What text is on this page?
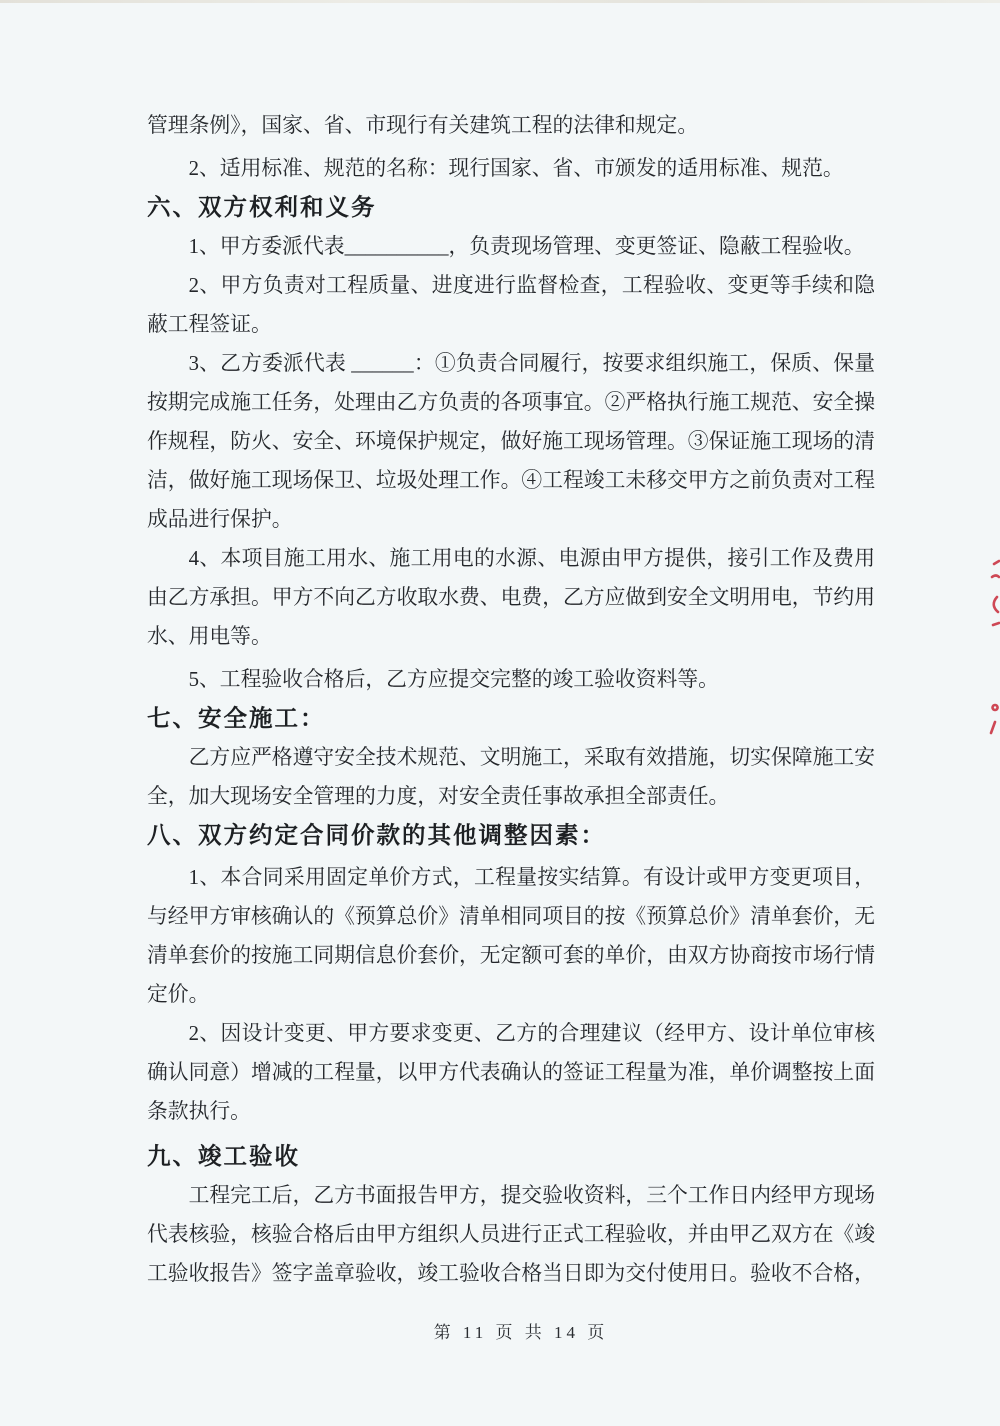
管理条例》，国家、省、市现行有关建筑工程的法律和规定。

2、适用标准、规范的名称：现行国家、省、市颁发的适用标准、规范。

六、双方权利和义务

1、甲方委派代表__________，负责现场管理、变更签证、隐蔽工程验收。

2、甲方负责对工程质量、进度进行监督检查，工程验收、变更等手续和隐蔽工程签证。

3、乙方委派代表 ______：①负责合同履行，按要求组织施工，保质、保量按期完成施工任务，处理由乙方负责的各项事宜。②严格执行施工规范、安全操作规程，防火、安全、环境保护规定，做好施工现场管理。③保证施工现场的清洁，做好施工现场保卫、垃圾处理工作。④工程竣工未移交甲方之前负责对工程成品进行保护。

4、本项目施工用水、施工用电的水源、电源由甲方提供，接引工作及费用由乙方承担。甲方不向乙方收取水费、电费，乙方应做到安全文明用电，节约用水、用电等。

5、工程验收合格后，乙方应提交完整的竣工验收资料等。

七、安全施工：

乙方应严格遵守安全技术规范、文明施工，采取有效措施，切实保障施工安全，加大现场安全管理的力度，对安全责任事故承担全部责任。

八、双方约定合同价款的其他调整因素：

1、本合同采用固定单价方式，工程量按实结算。有设计或甲方变更项目，与经甲方审核确认的《预算总价》清单相同项目的按《预算总价》清单套价，无清单套价的按施工同期信息价套价，无定额可套的单价，由双方协商按市场行情定价。

2、因设计变更、甲方要求变更、乙方的合理建议（经甲方、设计单位审核确认同意）增减的工程量，以甲方代表确认的签证工程量为准，单价调整按上面条款执行。

九、竣工验收

工程完工后，乙方书面报告甲方，提交验收资料，三个工作日内经甲方现场代表核验，核验合格后由甲方组织人员进行正式工程验收，并由甲乙双方在《竣工验收报告》签字盖章验收，竣工验收合格当日即为交付使用日。验收不合格，

第 11 页 共 14 页
